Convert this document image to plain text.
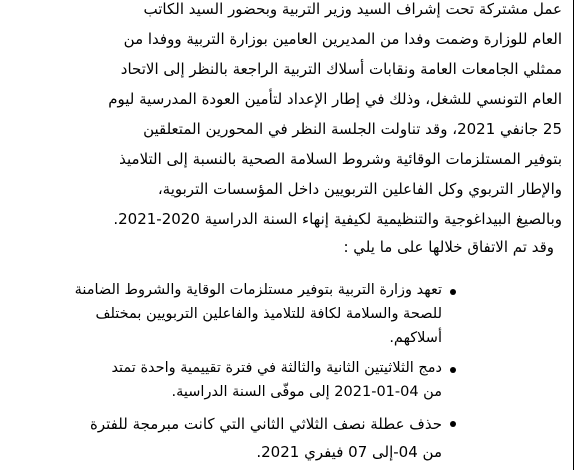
عمل مشتركة تحت إشراف السيد وزير التربية وبحضور السيد الكاتب

العام للوزارة وضمت وفدا من المديرين العامين بوزارة التربية ووفدا من

ممثلي الجامعات العامة ونقابات أسلاك التربية الراجعة بالنظر إلى الاتحاد

العام التونسي للشغل، وذلك في إطار الإعداد لتأمين العودة المدرسية ليوم

25 جانفي 2021، وقد تناولت الجلسة النظر في المحورين المتعلقين

بتوفير المستلزمات الوقائية وشروط السلامة الصحية بالنسبة إلى التلاميذ

والإطار التربوي وكل الفاعلين التربويين داخل المؤسسات التربوية،

وبالصيغ البيداغوجية والتنظيمية لكيفية إنهاء السنة الدراسية 2020-2021.

وقد تم الاتفاق خلالها على ما يلي :

تعهد وزارة التربية بتوفير مستلزمات الوقاية والشروط الضامنة
للصحة والسلامة لكافة للتلاميذ والفاعلين التربويين بمختلف
أسلاكهم.
دمج الثلاثيتين الثانية والثالثة في فترة تقييمية واحدة تمتد
من 04-01-2021 إلى موفّى السنة الدراسية.
حذف عطلة نصف الثلاثي الثاني التي كانت مبرمجة للفترة
من 04-إلى 07 فيفري 2021.
